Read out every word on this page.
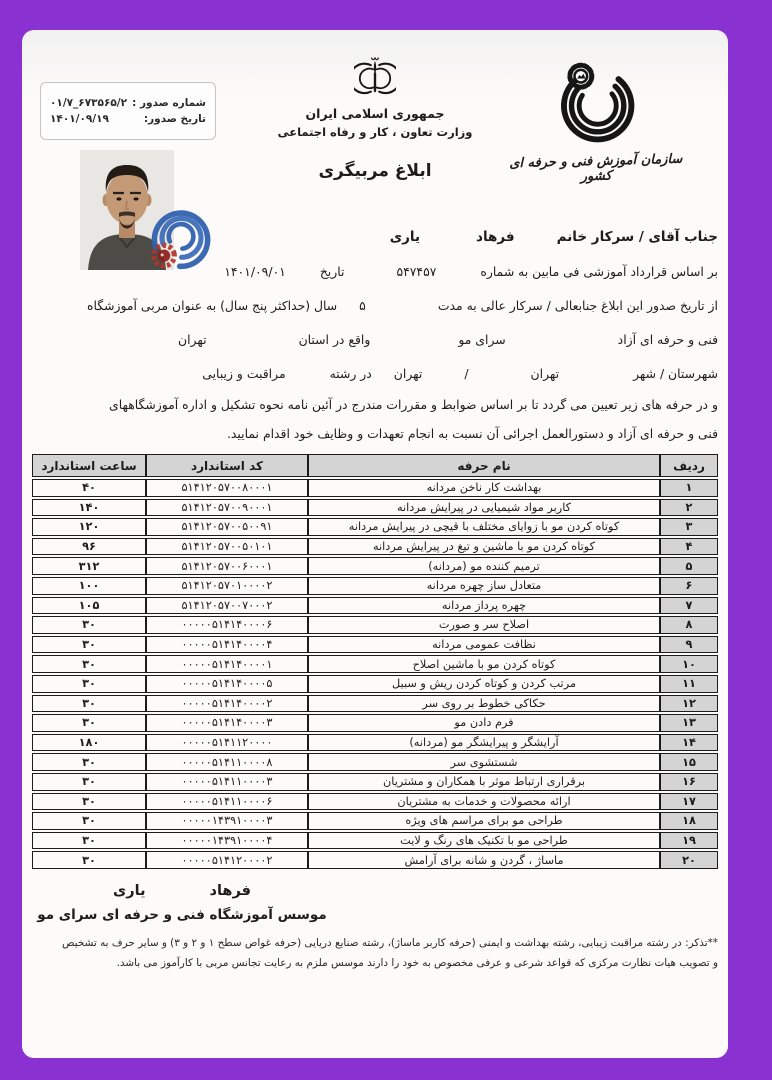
شماره صدور :
۰۱/۷_۶۷۳۵۶۵/۲
تاریخ صدور:
۱۴۰۱/۰۹/۱۹	جمهوری اسلامی ایران
وزارت تعاون ، کار و رفاه اجتماعی
ابلاغ مربیگری	سازمان آموزش فنی و حرفه ای کشور
جناب آقای / سرکار خانم
فرهاد
یاری
بر اساس قرارداد آموزشی فی مابین به شماره
۵۴۷۴۵۷
تاریخ
۱۴۰۱/۰۹/۰۱
از تاریخ صدور این ابلاغ جنابعالی / سرکار عالی به مدت
۵
سال (حداکثر پنج سال) به عنوان مربی آموزشگاه
فنی و حرفه ای آزاد
سرای مو
واقع در استان
تهران
شهرستان / شهر
تهران
/
تهران
در رشته
مراقبت و زیبایی
و در حرفه های زیر تعیین می گردد تا بر اساس ضوابط و مقررات مندرج در آئین نامه نحوه تشکیل و اداره آموزشگاههای
فنی و حرفه ای آزاد و دستورالعمل اجرائی آن نسبت به انجام تعهدات و وظایف خود اقدام نمایید.
ردیف	نام حرفه	کد استاندارد	ساعت استاندارد
۱	بهداشت کار ناخن مردانه	۵۱۴۱۲۰۵۷۰۰۸۰۰۰۱	۴۰
۲	کاربر مواد شیمیایی در پیرایش مردانه	۵۱۴۱۲۰۵۷۰۰۹۰۰۰۱	۱۴۰
۳	کوتاه کردن مو با زوایای مختلف با قیچی در پیرایش مردانه	۵۱۴۱۲۰۵۷۰۰۵۰۰۹۱	۱۲۰
۴	کوتاه کردن مو با ماشین و تیغ در پیرایش مردانه	۵۱۴۱۲۰۵۷۰۰۵۰۱۰۱	۹۶
۵	ترمیم کننده مو (مردانه)	۵۱۴۱۲۰۵۷۰۰۶۰۰۰۱	۳۱۲
۶	متعادل ساز چهره مردانه	۵۱۴۱۲۰۵۷۰۱۰۰۰۰۲	۱۰۰
۷	چهره پرداز مردانه	۵۱۴۱۲۰۵۷۰۰۷۰۰۰۲	۱۰۵
۸	اصلاح سر و صورت	۰۰۰۰۰۵۱۴۱۴۰۰۰۰۶	۳۰
۹	نظافت عمومی مردانه	۰۰۰۰۰۵۱۴۱۴۰۰۰۰۴	۳۰
۱۰	کوتاه کردن مو با ماشین اصلاح	۰۰۰۰۰۵۱۴۱۴۰۰۰۰۱	۳۰
۱۱	مرتب کردن و کوتاه کردن ریش و سبیل	۰۰۰۰۰۵۱۴۱۴۰۰۰۰۵	۳۰
۱۲	حکاکی خطوط بر روی سر	۰۰۰۰۰۵۱۴۱۴۰۰۰۰۲	۳۰
۱۳	فرم دادن مو	۰۰۰۰۰۵۱۴۱۴۰۰۰۰۳	۳۰
۱۴	آرایشگر و پیرایشگر مو (مردانه)	۰۰۰۰۰۵۱۴۱۱۲۰۰۰۰	۱۸۰
۱۵	شستشوی سر	۰۰۰۰۰۵۱۴۱۱۰۰۰۰۸	۳۰
۱۶	برقراری ارتباط موثر با همکاران و مشتریان	۰۰۰۰۰۵۱۴۱۱۰۰۰۰۳	۳۰
۱۷	ارائه محصولات و خدمات به مشتریان	۰۰۰۰۰۵۱۴۱۱۰۰۰۰۶	۳۰
۱۸	طراحی مو برای مراسم های ویژه	۰۰۰۰۰۱۴۳۹۱۰۰۰۰۳	۳۰
۱۹	طراحی مو با تکنیک های رنگ و لایت	۰۰۰۰۰۱۴۳۹۱۰۰۰۰۴	۳۰
۲۰	ماساژ ، گردن و شانه برای آرامش	۰۰۰۰۰۵۱۴۱۲۰۰۰۰۲	۳۰
فرهاد
یاری
موسس آموزشگاه فنی و حرفه ای سرای مو
**تذکر: در رشته مراقبت زیبایی، رشته بهداشت و ایمنی (حرفه کاربر ماساژ)، رشته صنایع دریایی (حرفه غواص سطح ۱ و ۲ و ۳) و سایر حرف به تشخیص
و تصویب هیات نظارت مرکزی که قواعد شرعی و عرفی مخصوص به خود را دارند موسس ملزم به رعایت تجانس مربی با کارآموز می باشد.
